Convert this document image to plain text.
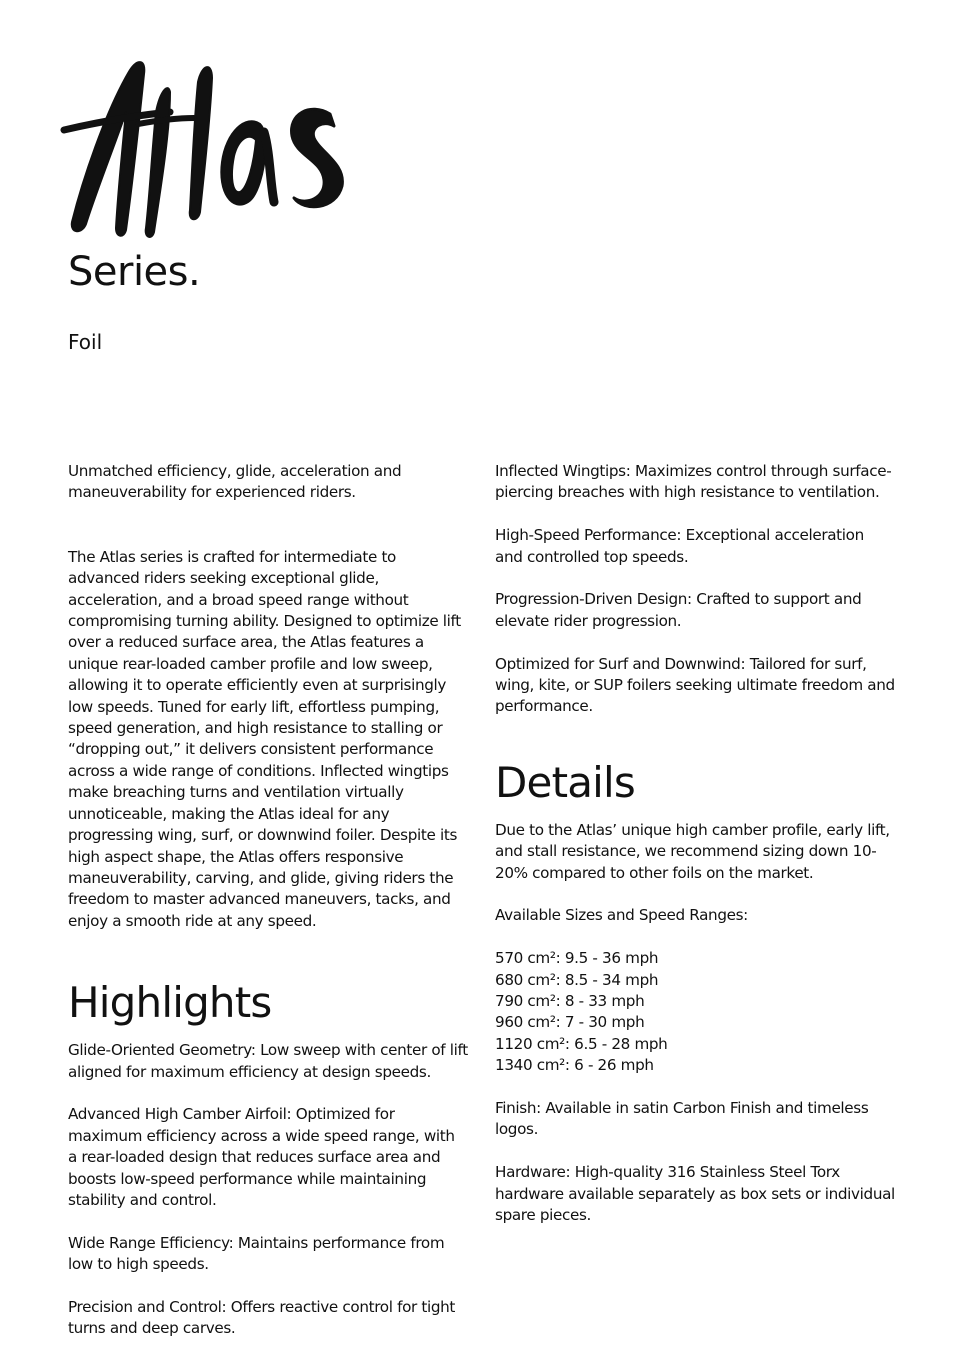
Series.
Foil

Unmatched efficiency, glide, acceleration and maneuverability for experienced riders.

The Atlas series is crafted for intermediate to advanced riders seeking exceptional glide, acceleration, and a broad speed range without compromising turning ability. Designed to optimize lift over a reduced surface area, the Atlas features a unique rear-loaded camber profile and low sweep, allowing it to operate efficiently even at surprisingly low speeds. Tuned for early lift, effortless pumping, speed generation, and high resistance to stalling or “dropping out,” it delivers consistent performance across a wide range of conditions. Inflected wingtips make breaching turns and ventilation virtually unnoticeable, making the Atlas ideal for any progressing wing, surf, or downwind foiler. Despite its high aspect shape, the Atlas offers responsive maneuverability, carving, and glide, giving riders the freedom to master advanced maneuvers, tacks, and enjoy a smooth ride at any speed.

Highlights

Glide-Oriented Geometry: Low sweep with center of lift aligned for maximum efficiency at design speeds.

Advanced High Camber Airfoil: Optimized for maximum efficiency across a wide speed range, with a rear-loaded design that reduces surface area and boosts low-speed performance while maintaining stability and control.

Wide Range Efficiency: Maintains performance from low to high speeds.

Precision and Control: Offers reactive control for tight turns and deep carves.

Inflected Wingtips: Maximizes control through surface-piercing breaches with high resistance to ventilation.

High-Speed Performance: Exceptional acceleration and controlled top speeds.

Progression-Driven Design: Crafted to support and elevate rider progression.

Optimized for Surf and Downwind: Tailored for surf, wing, kite, or SUP foilers seeking ultimate freedom and performance.

Details

Due to the Atlas’ unique high camber profile, early lift, and stall resistance, we recommend sizing down 10-20% compared to other foils on the market.

Available Sizes and Speed Ranges:

570 cm²: 9.5 - 36 mph
680 cm²: 8.5 - 34 mph
790 cm²: 8 - 33 mph
960 cm²: 7 - 30 mph
1120 cm²: 6.5 - 28 mph
1340 cm²: 6 - 26 mph

Finish: Available in satin Carbon Finish and timeless logos.

Hardware: High-quality 316 Stainless Steel Torx hardware available separately as box sets or individual spare pieces.
